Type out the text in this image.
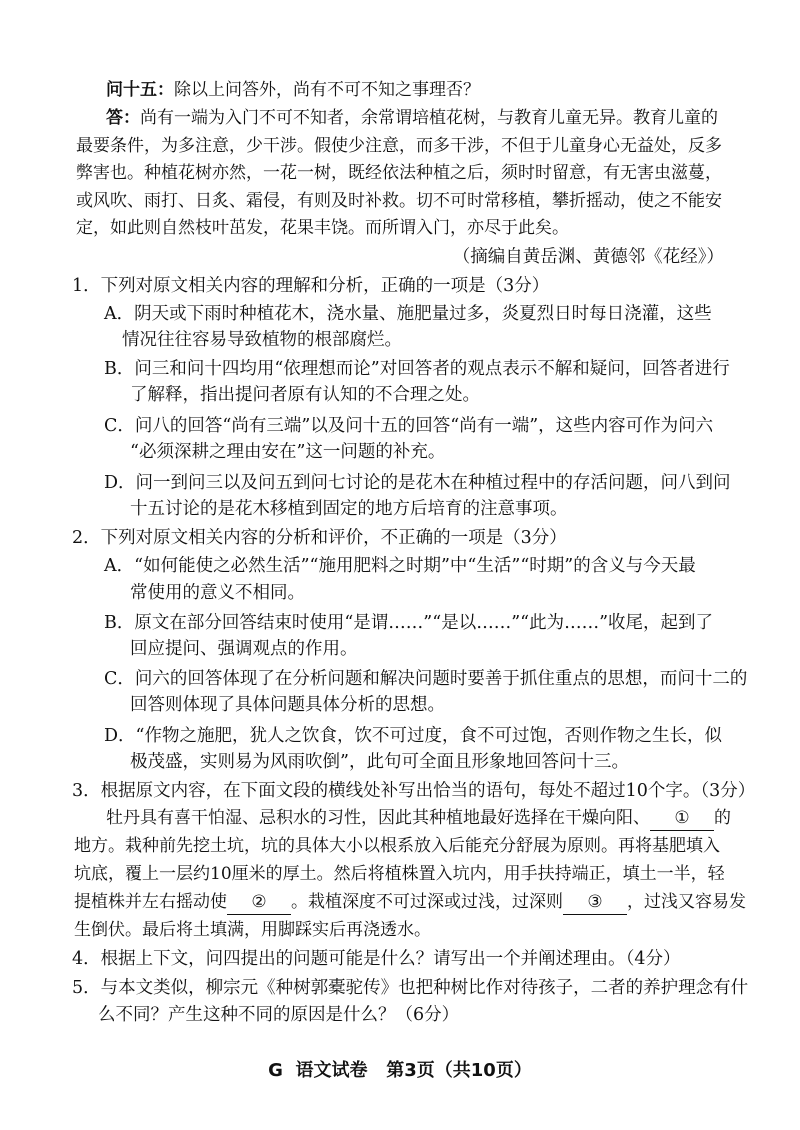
问十五：除以上问答外，尚有不可不知之事理否？
答：尚有一端为入门不可不知者，余常谓培植花树，与教育儿童无异。教育儿童的
最要条件，为多注意，少干涉。假使少注意，而多干涉，不但于儿童身心无益处，反多
弊害也。种植花树亦然，一花一树，既经依法种植之后，须时时留意，有无害虫滋蔓，
或风吹、雨打、日炙、霜侵，有则及时补救。切不可时常移植，攀折摇动，使之不能安
定，如此则自然枝叶茁发，花果丰饶。而所谓入门，亦尽于此矣。
（摘编自黄岳渊、黄德邻《花经》）
1．下列对原文相关内容的理解和分析，正确的一项是（3分）
A．阴天或下雨时种植花木，浇水量、施肥量过多，炎夏烈日时每日浇灌，这些
情况往往容易导致植物的根部腐烂。
B．问三和问十四均用“依理想而论”对回答者的观点表示不解和疑问，回答者进行
了解释，指出提问者原有认知的不合理之处。
C．问八的回答“尚有三端”以及问十五的回答“尚有一端”，这些内容可作为问六
“必须深耕之理由安在”这一问题的补充。
D．问一到问三以及问五到问七讨论的是花木在种植过程中的存活问题，问八到问
十五讨论的是花木移植到固定的地方后培育的注意事项。
2．下列对原文相关内容的分析和评价，不正确的一项是（3分）
A．“如何能使之必然生活”“施用肥料之时期”中“生活”“时期”的含义与今天最
常使用的意义不相同。
B．原文在部分回答结束时使用“是谓……”“是以……”“此为……”收尾，起到了
回应提问、强调观点的作用。
C．问六的回答体现了在分析问题和解决问题时要善于抓住重点的思想，而问十二的
回答则体现了具体问题具体分析的思想。
D．“作物之施肥，犹人之饮食，饮不可过度，食不可过饱，否则作物之生长，似
极茂盛，实则易为风雨吹倒”，此句可全面且形象地回答问十三。
3．根据原文内容，在下面文段的横线处补写出恰当的语句，每处不超过10个字。（3分）
牡丹具有喜干怕湿、忌积水的习性，因此其种植地最好选择在干燥向阳、 ① 的
地方。栽种前先挖土坑，坑的具体大小以根系放入后能充分舒展为原则。再将基肥填入
坑底，覆上一层约10厘米的厚土。然后将植株置入坑内，用手扶持端正，填土一半，轻
提植株并左右摇动使 ② 。栽植深度不可过深或过浅，过深则 ③ ，过浅又容易发
生倒伏。最后将土填满，用脚踩实后再浇透水。
4．根据上下文，问四提出的问题可能是什么？请写出一个并阐述理由。（4分）
5．与本文类似，柳宗元《种树郭橐驼传》也把种树比作对待孩子，二者的养护理念有什
么不同？产生这种不同的原因是什么？（6分）
G  语文试卷   第3页（共10页）
